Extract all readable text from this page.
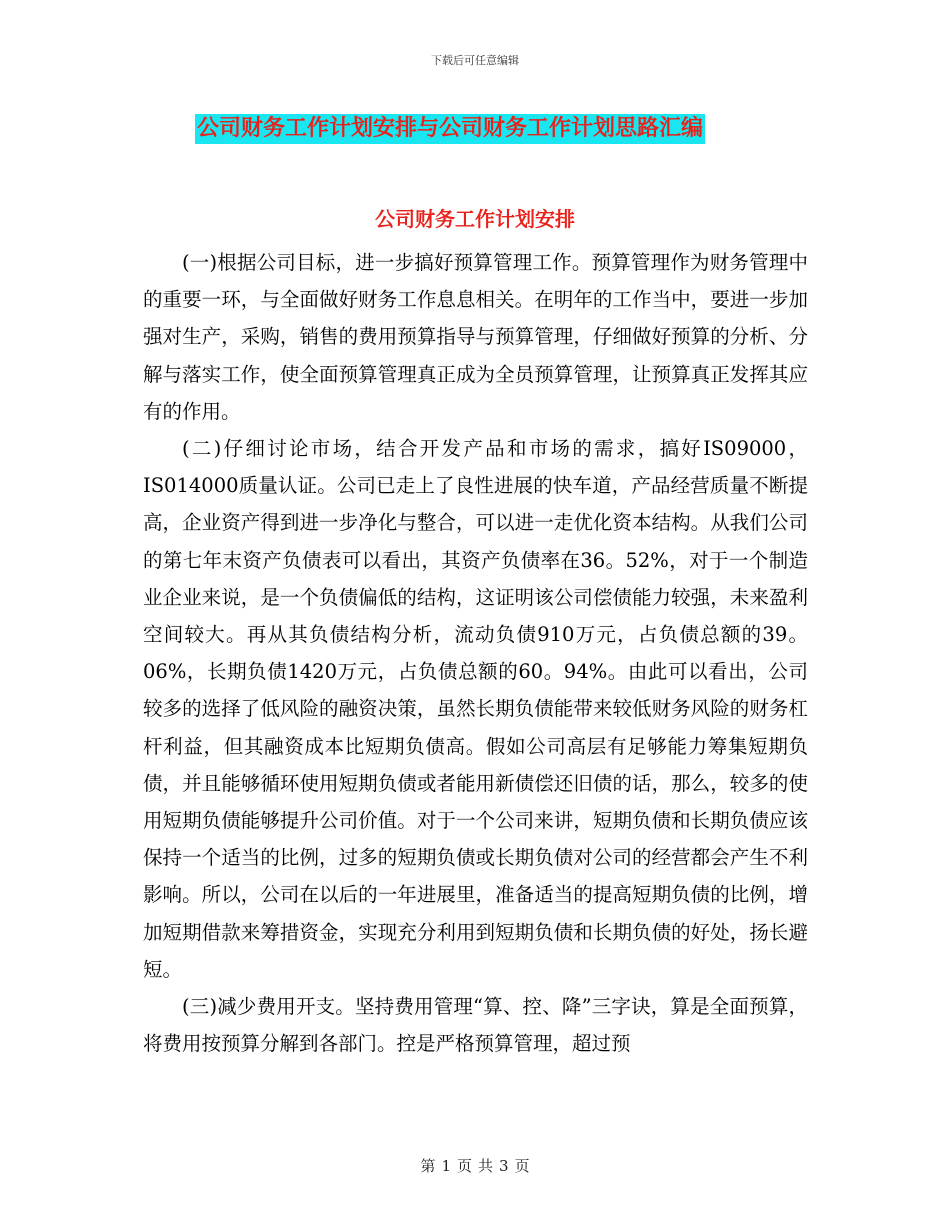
下载后可任意编辑
公司财务工作计划安排与公司财务工作计划思路汇编
公司财务工作计划安排

(一)根据公司目标，进一步搞好预算管理工作。预算管理作为财务管理中的重要一环，与全面做好财务工作息息相关。在明年的工作当中，要进一步加强对生产，采购，销售的费用预算指导与预算管理，仔细做好预算的分析、分解与落实工作，使全面预算管理真正成为全员预算管理，让预算真正发挥其应有的作用。

(二)仔细讨论市场，结合开发产品和市场的需求，搞好IS09000，IS014000质量认证。公司已走上了良性进展的快车道，产品经营质量不断提高，企业资产得到进一步净化与整合，可以进一走优化资本结构。从我们公司的第七年末资产负债表可以看出，其资产负债率在36。52%，对于一个制造业企业来说，是一个负债偏低的结构，这证明该公司偿债能力较强，未来盈利空间较大。再从其负债结构分析，流动负债910万元，占负债总额的39。06%，长期负债1420万元，占负债总额的60。94%。由此可以看出，公司较多的选择了低风险的融资决策，虽然长期负债能带来较低财务风险的财务杠杆利益，但其融资成本比短期负债高。假如公司高层有足够能力筹集短期负债，并且能够循环使用短期负债或者能用新债偿还旧债的话，那么，较多的使用短期负债能够提升公司价值。对于一个公司来讲，短期负债和长期负债应该保持一个适当的比例，过多的短期负债或长期负债对公司的经营都会产生不利影响。所以，公司在以后的一年进展里，准备适当的提高短期负债的比例，增加短期借款来筹措资金，实现充分利用到短期负债和长期负债的好处，扬长避短。

(三)减少费用开支。坚持费用管理“算、控、降”三字诀，算是全面预算，将费用按预算分解到各部门。控是严格预算管理，超过预

第 1 页 共 3 页
